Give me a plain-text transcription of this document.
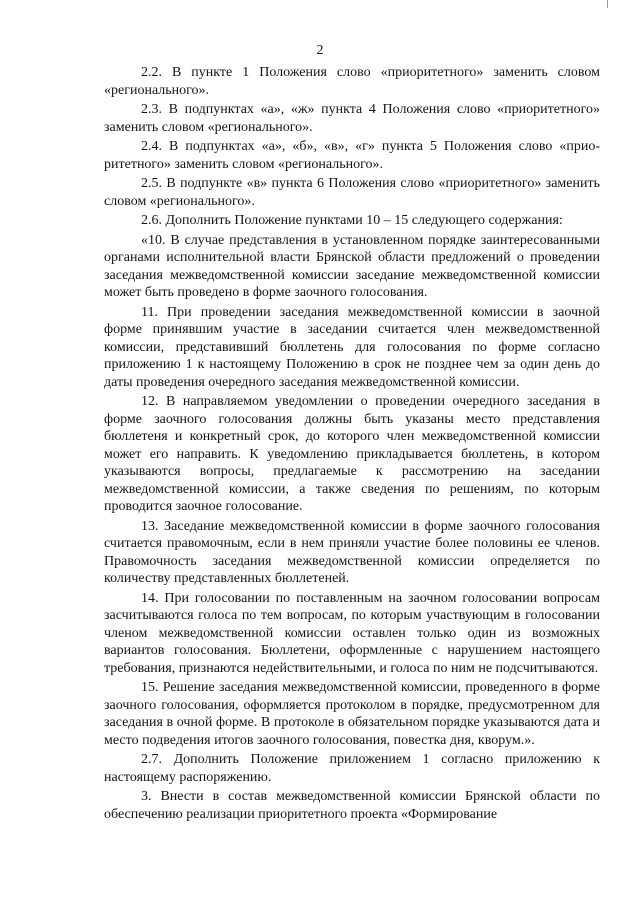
2

2.2. В пункте 1 Положения слово «приоритетного» заменить словом «регионального».

2.3. В подпунктах «а», «ж» пункта 4 Положения слово «приоритетного» заменить словом «регионального».

2.4. В подпунктах «а», «б», «в», «г» пункта 5 Положения слово «приоритетного» заменить словом «регионального».

2.5. В подпункте «в» пункта 6 Положения слово «приоритетного» заменить словом «регионального».

2.6. Дополнить Положение пунктами 10 – 15 следующего содержания:

«10. В случае представления в установленном порядке заинтересованными органами исполнительной власти Брянской области предложений о проведении заседания межведомственной комиссии заседание межведомственной комиссии может быть проведено в форме заочного голосования.

11. При проведении заседания межведомственной комиссии в заочной форме принявшим участие в заседании считается член межведомственной комиссии, представивший бюллетень для голосования по форме согласно приложению 1 к настоящему Положению в срок не позднее чем за один день до даты проведения очередного заседания межведомственной комиссии.

12. В направляемом уведомлении о проведении очередного заседания в форме заочного голосования должны быть указаны место представления бюллетеня и конкретный срок, до которого член межведомственной комиссии может его направить. К уведомлению прикладывается бюллетень, в котором указываются вопросы, предлагаемые к рассмотрению на заседании межведомственной комиссии, а также сведения по решениям, по которым проводится заочное голосование.

13. Заседание межведомственной комиссии в форме заочного голосования считается правомочным, если в нем приняли участие более половины ее членов. Правомочность заседания межведомственной комиссии определяется по количеству представленных бюллетеней.

14. При голосовании по поставленным на заочном голосовании вопросам засчитываются голоса по тем вопросам, по которым участвующим в голосовании членом межведомственной комиссии оставлен только один из возможных вариантов голосования. Бюллетени, оформленные с нарушением настоящего требования, признаются недействительными, и голоса по ним не подсчитываются.

15. Решение заседания межведомственной комиссии, проведенного в форме заочного голосования, оформляется протоколом в порядке, предусмотренном для заседания в очной форме. В протоколе в обязательном порядке указываются дата и место подведения итогов заочного голосования, повестка дня, кворум.».

2.7. Дополнить Положение приложением 1 согласно приложению к настоящему распоряжению.

3. Внести в состав межведомственной комиссии Брянской области по обеспечению реализации приоритетного проекта «Формирование
